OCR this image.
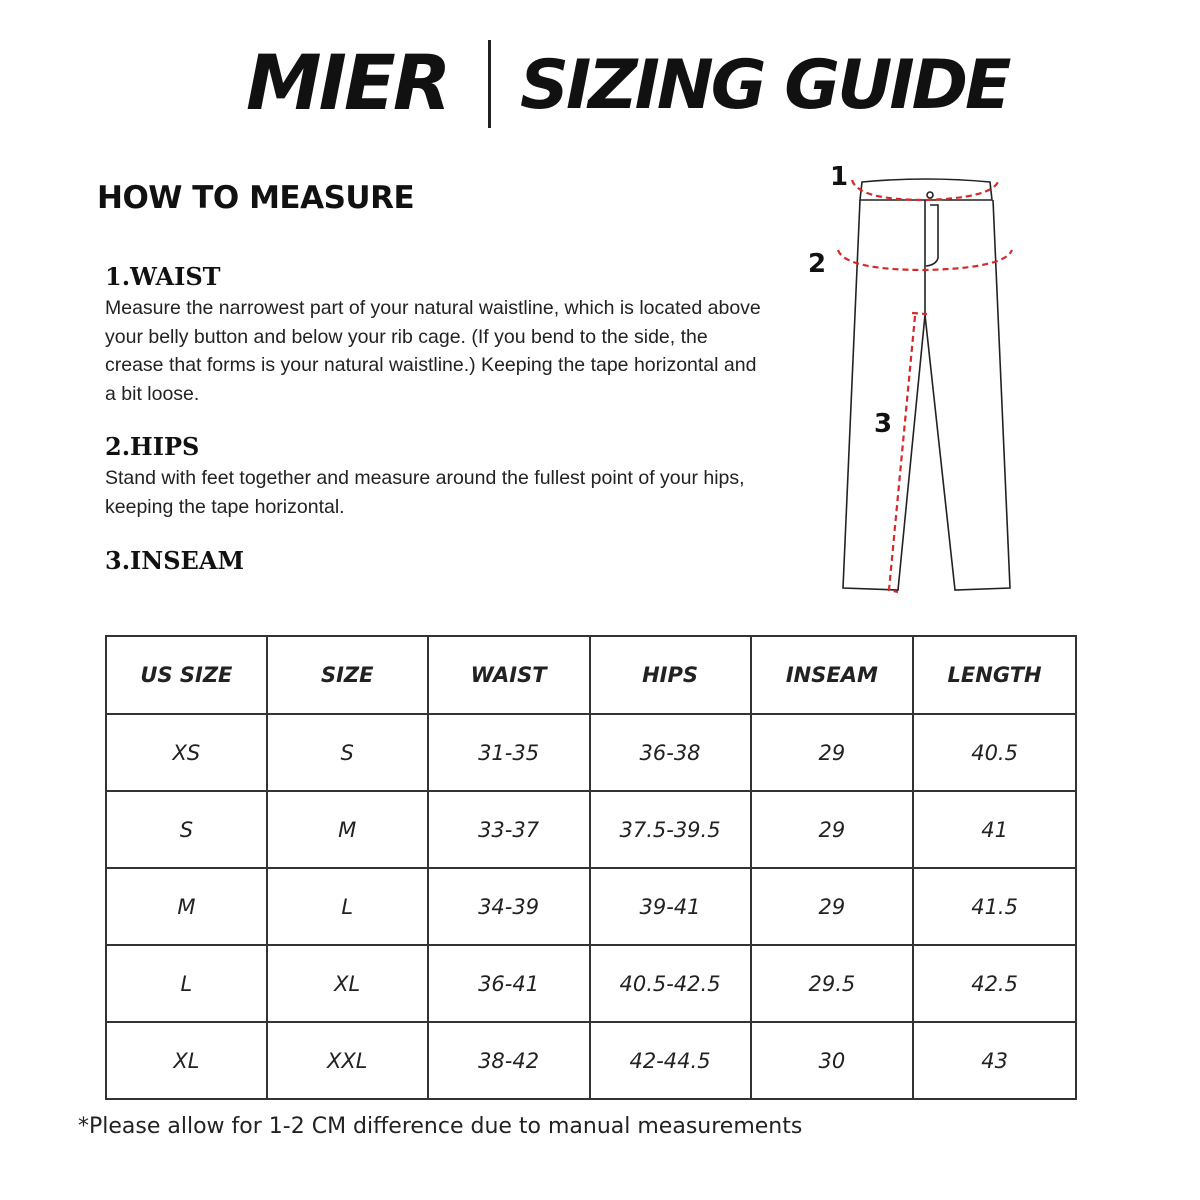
MIER SIZING GUIDE
HOW TO MEASURE
1.WAIST
Measure the narrowest part of your natural waistline, which is located above your belly button and below your rib cage. (If you bend to the side, the crease that forms is your natural waistline.) Keeping the tape horizontal and a bit loose.
2.HIPS
Stand with feet together and measure around the fullest point of your hips, keeping the tape horizontal.
3.INSEAM
1
2
3
US SIZE	SIZE	WAIST	HIPS	INSEAM	LENGTH
XS	S	31-35	36-38	29	40.5
S	M	33-37	37.5-39.5	29	41
M	L	34-39	39-41	29	41.5
L	XL	36-41	40.5-42.5	29.5	42.5
XL	XXL	38-42	42-44.5	30	43
*Please allow for 1-2 CM difference due to manual measurements
